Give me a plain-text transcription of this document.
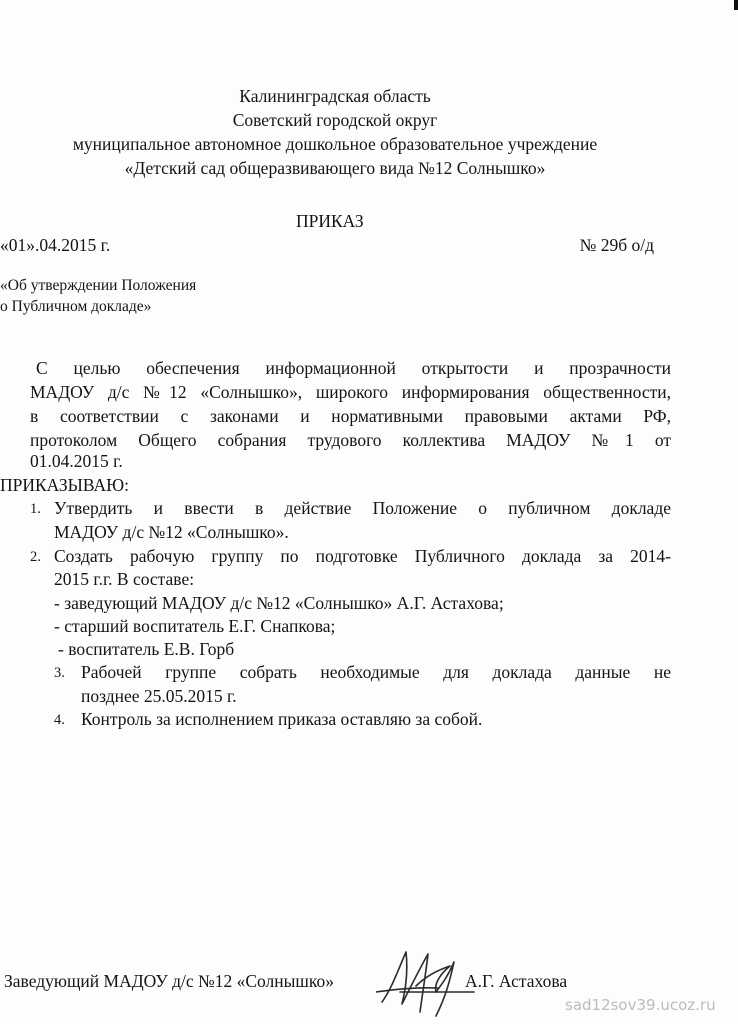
Калининградская область
Советский городской округ
муниципальное автономное дошкольное образовательное учреждение
«Детский сад общеразвивающего вида №12 Солнышко»
ПРИКАЗ
«01».04.2015 г.	№ 29б о/д
«Об утверждении Положения
о Публичном докладе»
С целью обеспечения информационной открытости и прозрачности
МАДОУ д/с №12 «Солнышко», широкого информирования общественности,
в соответствии с законами и нормативными правовыми актами РФ,
протоколом Общего собрания трудового коллектива МАДОУ №1 от
01.04.2015 г.
ПРИКАЗЫВАЮ:
1. Утвердить и ввести в действие Положение о публичном докладе
МАДОУ д/с №12 «Солнышко».
2. Создать рабочую группу по подготовке Публичного доклада за 2014-
2015 г.г. В составе:
- заведующий МАДОУ д/с №12 «Солнышко» А.Г. Астахова;
- старший воспитатель Е.Г. Снапкова;
- воспитатель Е.В. Горб
3. Рабочей группе собрать необходимые для доклада данные не
позднее 25.05.2015 г.
4. Контроль за исполнением приказа оставляю за собой.
Заведующий МАДОУ д/с №12 «Солнышко»	А.Г. Астахова
sad12sov39.ucoz.ru
